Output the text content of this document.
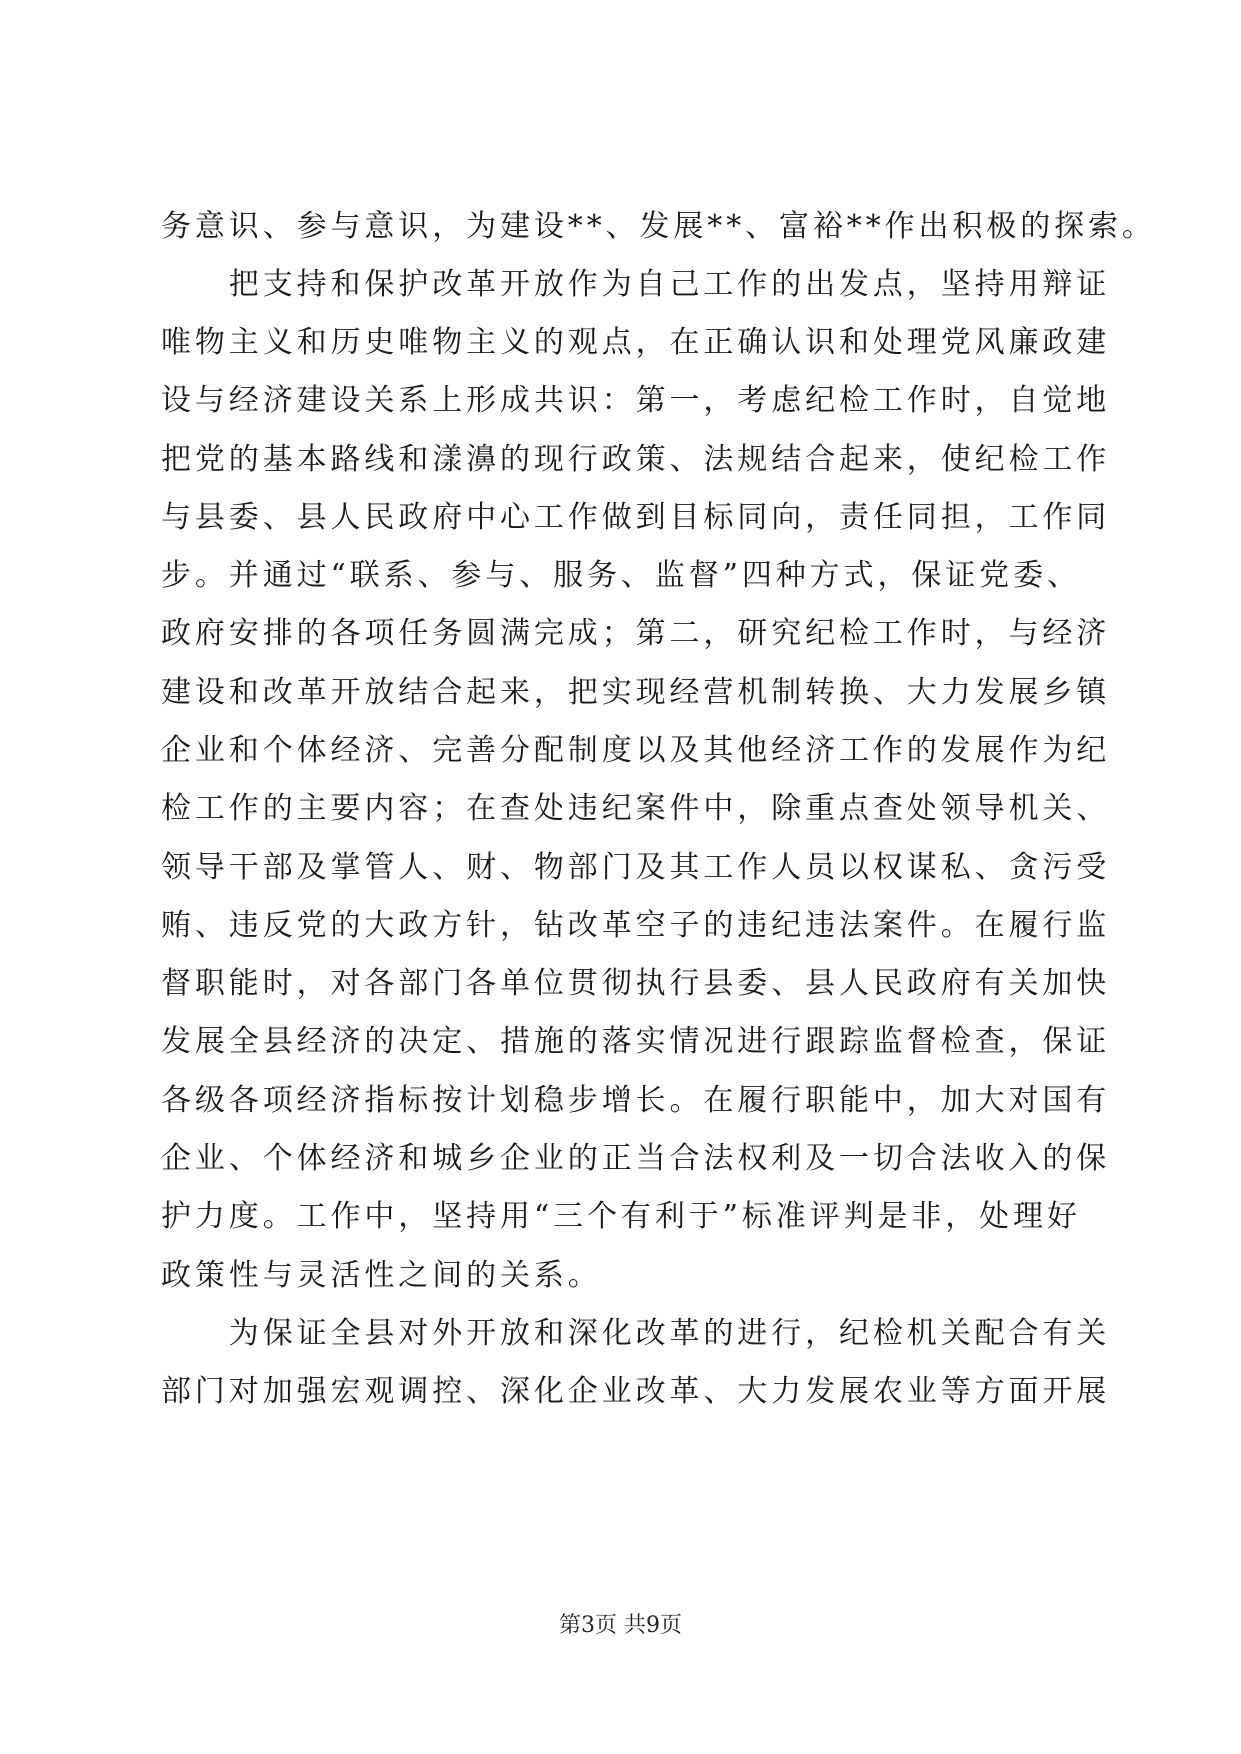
务意识、参与意识，为建设**、发展**、富裕**作出积极的探索。
　　把支持和保护改革开放作为自己工作的出发点，坚持用辩证
唯物主义和历史唯物主义的观点，在正确认识和处理党风廉政建
设与经济建设关系上形成共识：第一，考虑纪检工作时，自觉地
把党的基本路线和漾濞的现行政策、法规结合起来，使纪检工作
与县委、县人民政府中心工作做到目标同向，责任同担，工作同
步。并通过“联系、参与、服务、监督”四种方式，保证党委、
政府安排的各项任务圆满完成；第二，研究纪检工作时，与经济
建设和改革开放结合起来，把实现经营机制转换、大力发展乡镇
企业和个体经济、完善分配制度以及其他经济工作的发展作为纪
检工作的主要内容；在查处违纪案件中，除重点查处领导机关、
领导干部及掌管人、财、物部门及其工作人员以权谋私、贪污受
贿、违反党的大政方针，钻改革空子的违纪违法案件。在履行监
督职能时，对各部门各单位贯彻执行县委、县人民政府有关加快
发展全县经济的决定、措施的落实情况进行跟踪监督检查，保证
各级各项经济指标按计划稳步增长。在履行职能中，加大对国有
企业、个体经济和城乡企业的正当合法权利及一切合法收入的保
护力度。工作中，坚持用“三个有利于”标准评判是非，处理好
政策性与灵活性之间的关系。
　　为保证全县对外开放和深化改革的进行，纪检机关配合有关
部门对加强宏观调控、深化企业改革、大力发展农业等方面开展
第3页 共9页
